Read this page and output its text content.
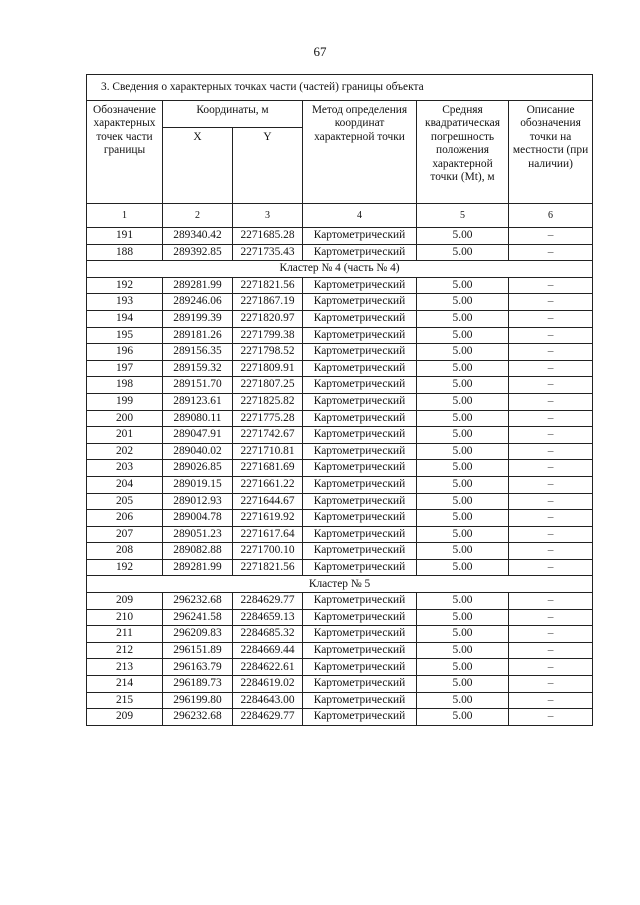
67
3. Сведения о характерных точках части (частей) границы объекта					
Обозначение характерных точек части границы	Координаты, м		Метод определения координат характерной точки	Средняя квадратическая погрешность положения характерной точки (Mt), м	Описание обозначения точки на местности (при наличии)
	X	Y			
1	2	3	4	5	6
191	289340.42	2271685.28	Картометрический	5.00	–
188	289392.85	2271735.43	Картометрический	5.00	–
Кластер № 4 (часть № 4)					
192	289281.99	2271821.56	Картометрический	5.00	–
193	289246.06	2271867.19	Картометрический	5.00	–
194	289199.39	2271820.97	Картометрический	5.00	–
195	289181.26	2271799.38	Картометрический	5.00	–
196	289156.35	2271798.52	Картометрический	5.00	–
197	289159.32	2271809.91	Картометрический	5.00	–
198	289151.70	2271807.25	Картометрический	5.00	–
199	289123.61	2271825.82	Картометрический	5.00	–
200	289080.11	2271775.28	Картометрический	5.00	–
201	289047.91	2271742.67	Картометрический	5.00	–
202	289040.02	2271710.81	Картометрический	5.00	–
203	289026.85	2271681.69	Картометрический	5.00	–
204	289019.15	2271661.22	Картометрический	5.00	–
205	289012.93	2271644.67	Картометрический	5.00	–
206	289004.78	2271619.92	Картометрический	5.00	–
207	289051.23	2271617.64	Картометрический	5.00	–
208	289082.88	2271700.10	Картометрический	5.00	–
192	289281.99	2271821.56	Картометрический	5.00	–
Кластер № 5					
209	296232.68	2284629.77	Картометрический	5.00	–
210	296241.58	2284659.13	Картометрический	5.00	–
211	296209.83	2284685.32	Картометрический	5.00	–
212	296151.89	2284669.44	Картометрический	5.00	–
213	296163.79	2284622.61	Картометрический	5.00	–
214	296189.73	2284619.02	Картометрический	5.00	–
215	296199.80	2284643.00	Картометрический	5.00	–
209	296232.68	2284629.77	Картометрический	5.00	–
